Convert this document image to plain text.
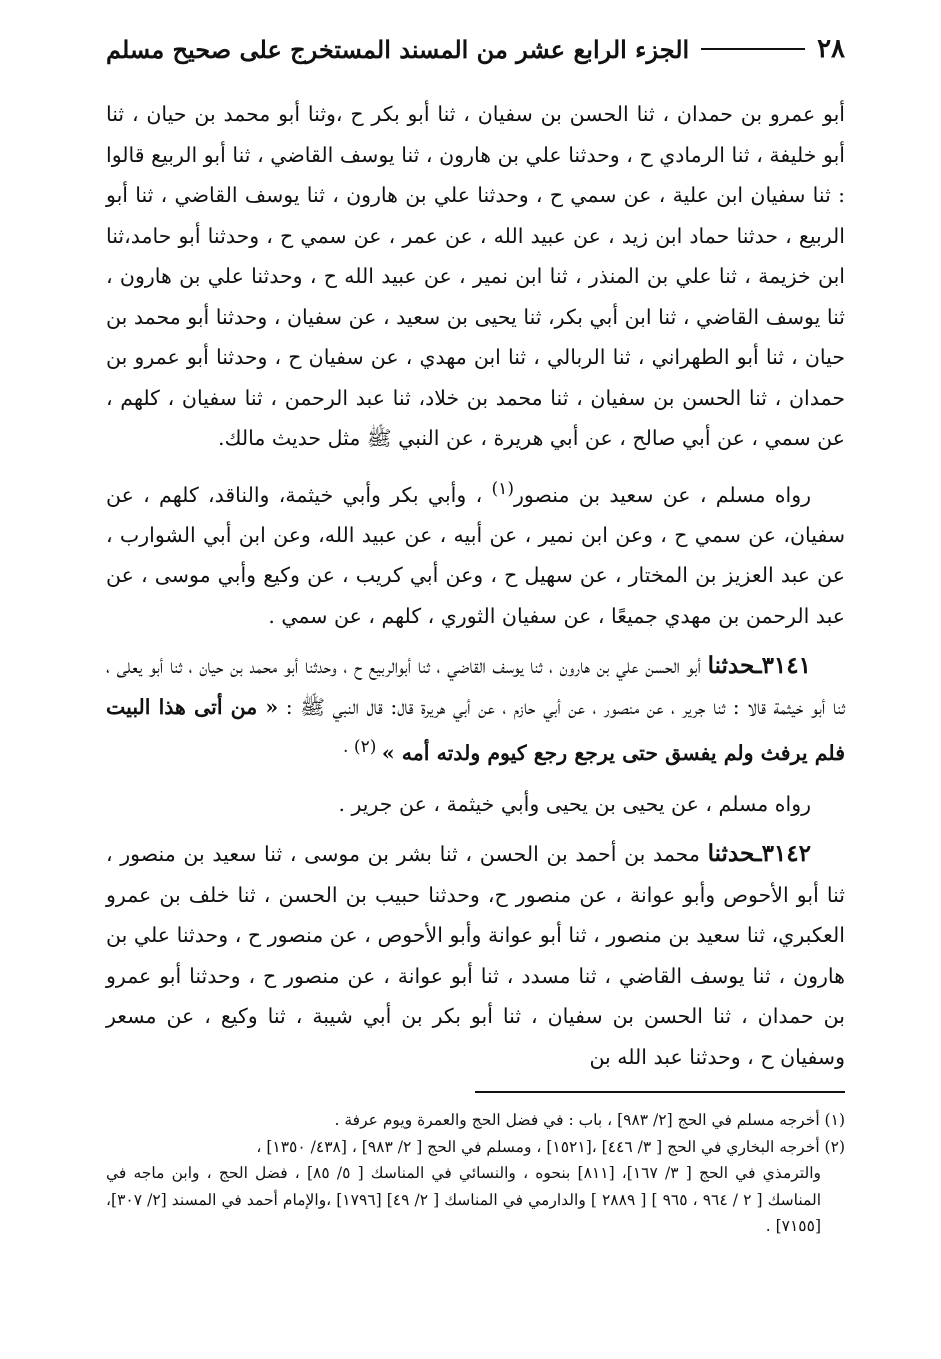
٢٨
الجزء الرابع عشر من المسند المستخرج على صحيح مسلم

أبو عمرو بن حمدان ، ثنا الحسن بن سفيان ، ثنا أبو بكر ح ،وثنا أبو محمد بن حيان ، ثنا أبو خليفة ، ثنا الرمادي ح ، وحدثنا علي بن هارون ، ثنا يوسف القاضي ، ثنا أبو الربيع قالوا : ثنا سفيان ابن علية ، عن سمي ح ، وحدثنا علي بن هارون ، ثنا يوسف القاضي ، ثنا أبو الربيع ، حدثنا حماد ابن زيد ، عن عبيد الله ، عن عمر ، عن سمي ح ، وحدثنا أبو حامد،ثنا ابن خزيمة ، ثنا علي بن المنذر ، ثنا ابن نمير ، عن عبيد الله ح ، وحدثنا علي بن هارون ، ثنا يوسف القاضي ، ثنا ابن أبي بكر، ثنا يحيى بن سعيد ، عن سفيان ، وحدثنا أبو محمد بن حيان ، ثنا أبو الطهراني ، ثنا الربالي ، ثنا ابن مهدي ، عن سفيان ح ، وحدثنا أبو عمرو بن حمدان ، ثنا الحسن بن سفيان ، ثنا محمد بن خلاد، ثنا عبد الرحمن ، ثنا سفيان ، كلهم ، عن سمي ، عن أبي صالح ، عن أبي هريرة ، عن النبي ﷺ مثل حديث مالك.

رواه مسلم ، عن سعيد بن منصور$^{(١)}$ ، وأبي بكر وأبي خيثمة، والناقد، كلهم ، عن سفيان، عن سمي ح ، وعن ابن نمير ، عن أبيه ، عن عبيد الله، وعن ابن أبي الشوارب ، عن عبد العزيز بن المختار ، عن سهيل ح ، وعن أبي كريب ، عن وكيع وأبي موسى ، عن عبد الرحمن بن مهدي جميعًا ، عن سفيان الثوري ، كلهم ، عن سمي .

٣١٤١ـحدثنا أبو الحسن علي بن هارون ، ثنا يوسف القاضي ، ثنا أبوالربيع ح ، وحدثنا أبو محمد بن حيان ، ثنا أبو يعلى ، ثنا أبو خيثمة قالا : ثنا جرير ، عن منصور ، عن أبي حازم ، عن أبي هريرة قال: قال النبي ﷺ : « من أتى هذا البيت فلم يرفث ولم يفسق حتى يرجع رجع كيوم ولدته أمه » $^{(٢) .}$

رواه مسلم ، عن يحيى بن يحيى وأبي خيثمة ، عن جرير .

٣١٤٢ـحدثنا محمد بن أحمد بن الحسن ، ثنا بشر بن موسى ، ثنا سعيد بن منصور ، ثنا أبو الأحوص وأبو عوانة ، عن منصور ح، وحدثنا حبيب بن الحسن ، ثنا خلف بن عمرو العكبري، ثنا سعيد بن منصور ، ثنا أبو عوانة وأبو الأحوص ، عن منصور ح ، وحدثنا علي بن هارون ، ثنا يوسف القاضي ، ثنا مسدد ، ثنا أبو عوانة ، عن منصور ح ، وحدثنا أبو عمرو بن حمدان ، ثنا الحسن بن سفيان ، ثنا أبو بكر بن أبي شيبة ، ثنا وكيع ، عن مسعر وسفيان ح ، وحدثنا عبد الله بن

(١) أخرجه مسلم في الحج [٢/ ٩٨٣] ، باب : في فضل الحج والعمرة ويوم عرفة .

(٢) أخرجه البخاري في الحج [ ٣/ ٤٤٦] ،[١٥٢١] ، ومسلم في الحج [ ٢/ ٩٨٣] ، [٤٣٨/ ١٣٥٠] ،
والترمذي في الحج [ ٣/ ١٦٧]، [٨١١] بنحوه ، والنسائي في المناسك [ ٥/ ٨٥] ، فضل الحج ، وابن ماجه في المناسك [ ٢ / ٩٦٤ ، ٩٦٥ ] [ ٢٨٨٩ ] والدارمي في المناسك [ ٢/ ٤٩] [١٧٩٦] ،والإمام أحمد في المسند [٢/ ٣٠٧]، [٧١٥٥] .
